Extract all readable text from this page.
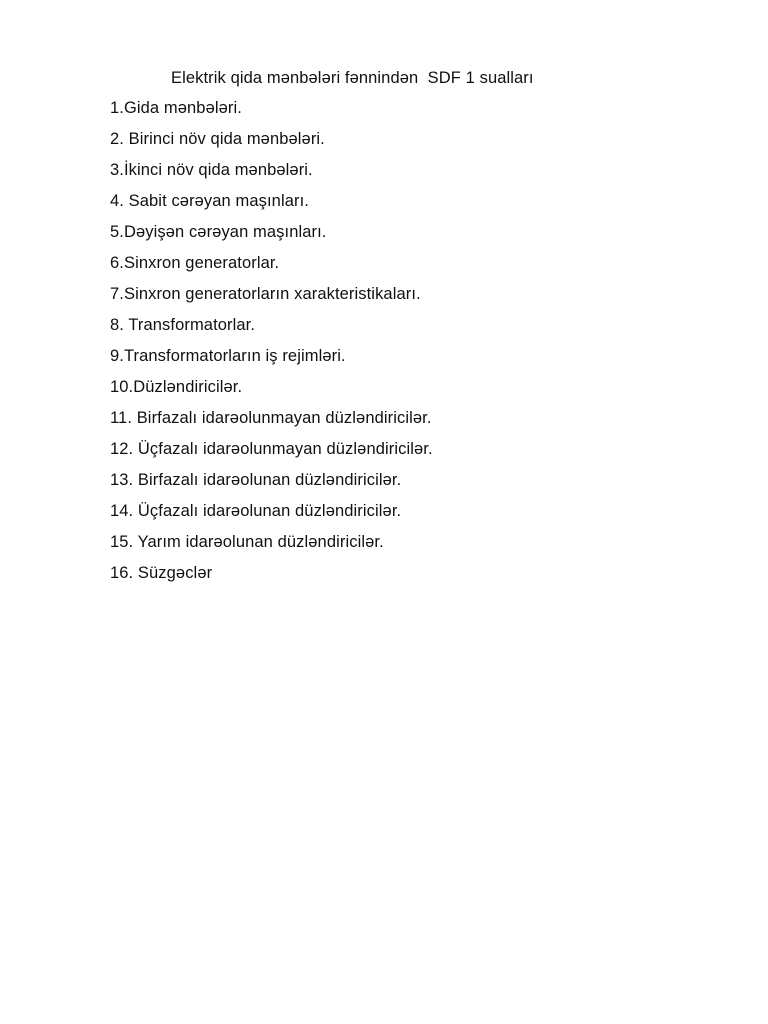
Elektrik qida mənbələri fənnindən  SDF 1 sualları
1.Gida mənbələri.
2. Birinci növ qida mənbələri.
3.İkinci növ qida mənbələri.
4. Sabit cərəyan maşınları.
5.Dəyişən cərəyan maşınları.
6.Sinxron generatorlar.
7.Sinxron generatorların xarakteristikaları.
8. Transformatorlar.
9.Transformatorların iş rejimləri.
10.Düzləndiricilər.
11. Birfazalı idarəolunmayan düzləndiricilər.
12. Üçfazalı idarəolunmayan düzləndiricilər.
13. Birfazalı idarəolunan düzləndiricilər.
14. Üçfazalı idarəolunan düzləndiricilər.
15. Yarım idarəolunan düzləndiricilər.
16. Süzgəclər
